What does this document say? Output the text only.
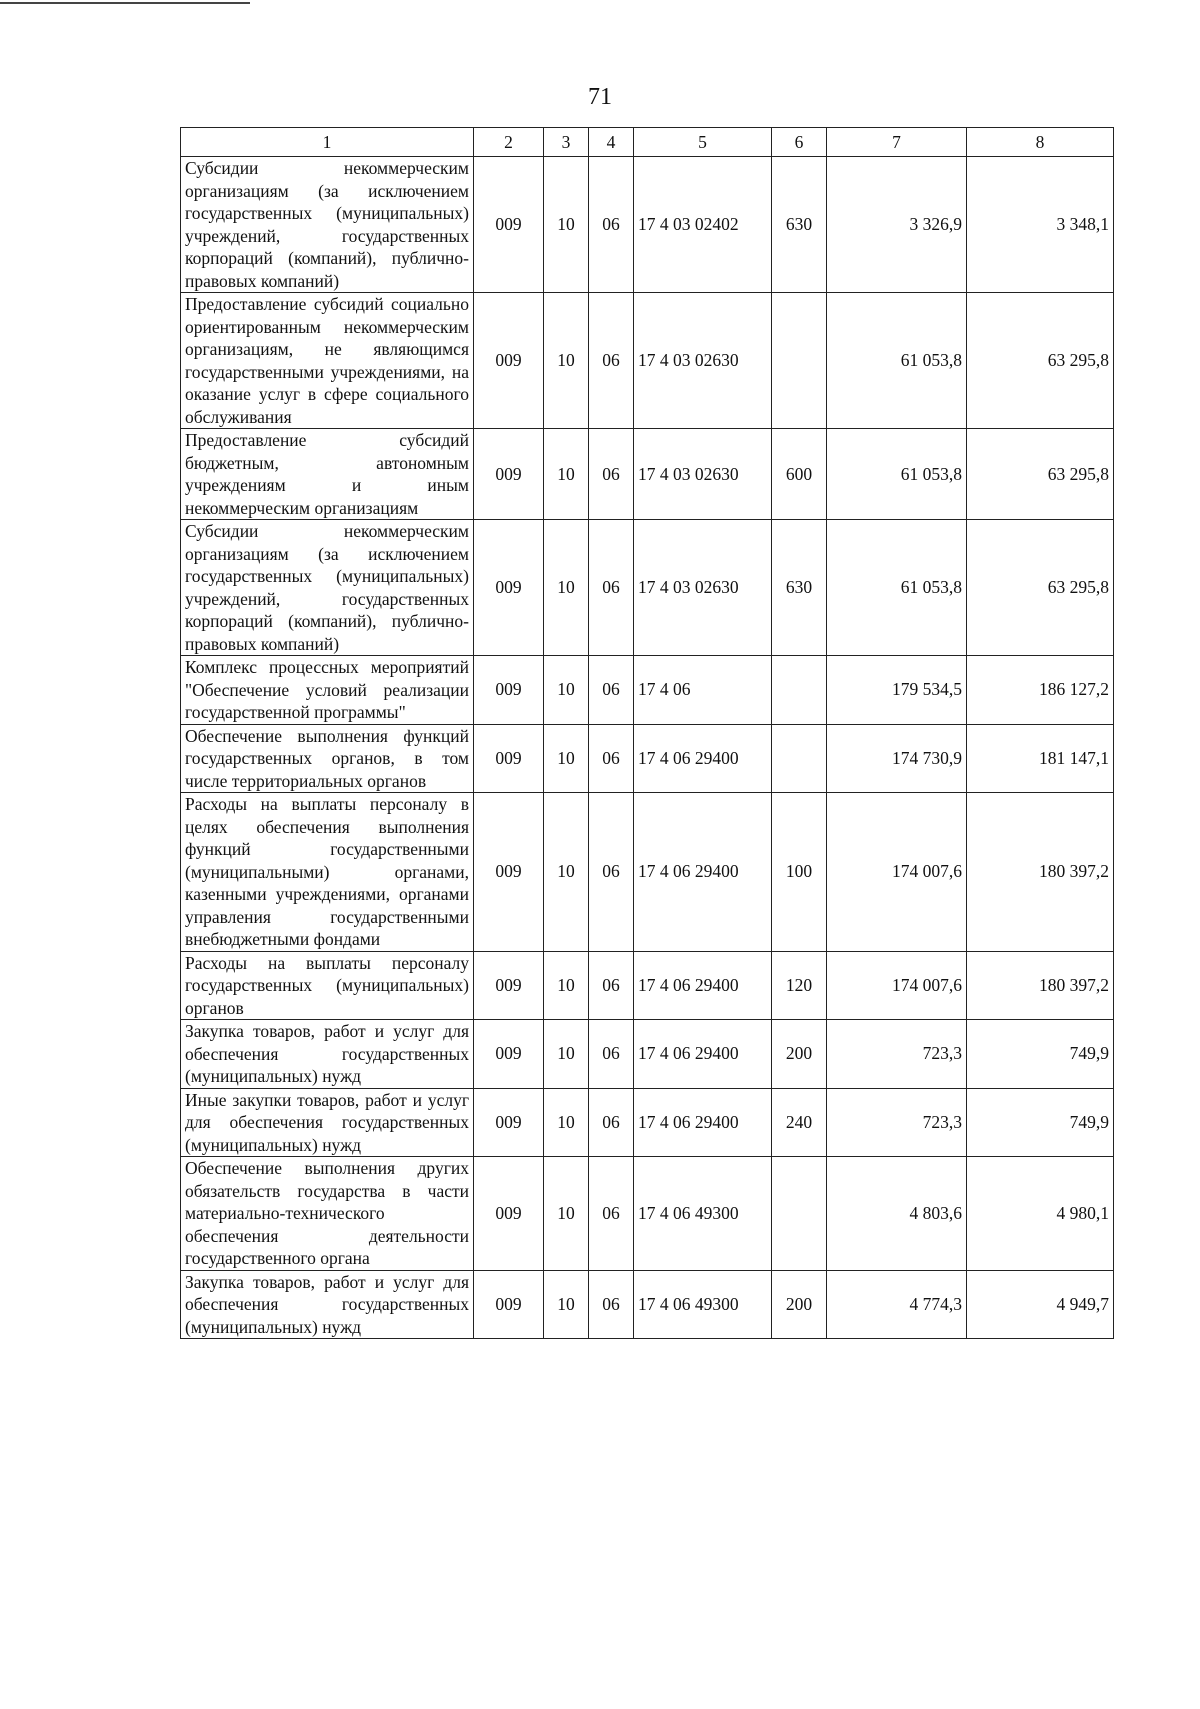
71
1	2	3	4	5	6	7	8
Субсидии некоммерческим организациям (за исключением государственных (муниципальных) учреждений, государственных корпораций (компаний), публично-правовых компаний)	009	10	06	17 4 03 02402	630	3 326,9	3 348,1
Предоставление субсидий социально ориентированным некоммерческим организациям, не являющимся государственными учреждениями, на оказание услуг в сфере социального обслуживания	009	10	06	17 4 03 02630		61 053,8	63 295,8
Предоставление субсидий бюджетным, автономным учреждениям и иным некоммерческим организациям	009	10	06	17 4 03 02630	600	61 053,8	63 295,8
Субсидии некоммерческим организациям (за исключением государственных (муниципальных) учреждений, государственных корпораций (компаний), публично-правовых компаний)	009	10	06	17 4 03 02630	630	61 053,8	63 295,8
Комплекс процессных мероприятий "Обеспечение условий реализации государственной программы"	009	10	06	17 4 06		179 534,5	186 127,2
Обеспечение выполнения функций государственных органов, в том числе территориальных органов	009	10	06	17 4 06 29400		174 730,9	181 147,1
Расходы на выплаты персоналу в целях обеспечения выполнения функций государственными (муниципальными) органами, казенными учреждениями, органами управления государственными внебюджетными фондами	009	10	06	17 4 06 29400	100	174 007,6	180 397,2
Расходы на выплаты персоналу государственных (муниципальных) органов	009	10	06	17 4 06 29400	120	174 007,6	180 397,2
Закупка товаров, работ и услуг для обеспечения государственных (муниципальных) нужд	009	10	06	17 4 06 29400	200	723,3	749,9
Иные закупки товаров, работ и услуг для обеспечения государственных (муниципальных) нужд	009	10	06	17 4 06 29400	240	723,3	749,9
Обеспечение выполнения других обязательств государства в части материально-технического обеспечения деятельности государственного органа	009	10	06	17 4 06 49300		4 803,6	4 980,1
Закупка товаров, работ и услуг для обеспечения государственных (муниципальных) нужд	009	10	06	17 4 06 49300	200	4 774,3	4 949,7
